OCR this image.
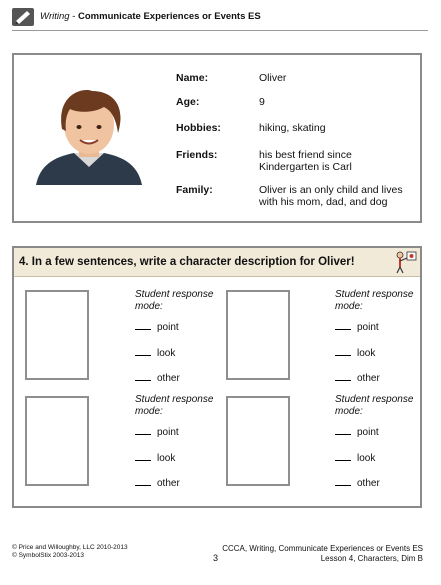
Writing - Communicate Experiences or Events ES
Name:	Oliver
Age:	9
Hobbies:	hiking, skating
Friends:	his best friend since Kindergarten is Carl
Family:	Oliver is an only child and lives with his mom, dad, and dog
4. In a few sentences, write a character description for Oliver!
Student response mode:
point
look
other
Student response mode:
point
look
other
Student response mode:
point
look
other
Student response mode:
point
look
other
© Price and Willoughby, LLC 2010-2013
© SymbolStix 2003-2013	3
CCCA, Writing, Communicate Experiences or Events ES
Lesson 4, Characters, Dim B
